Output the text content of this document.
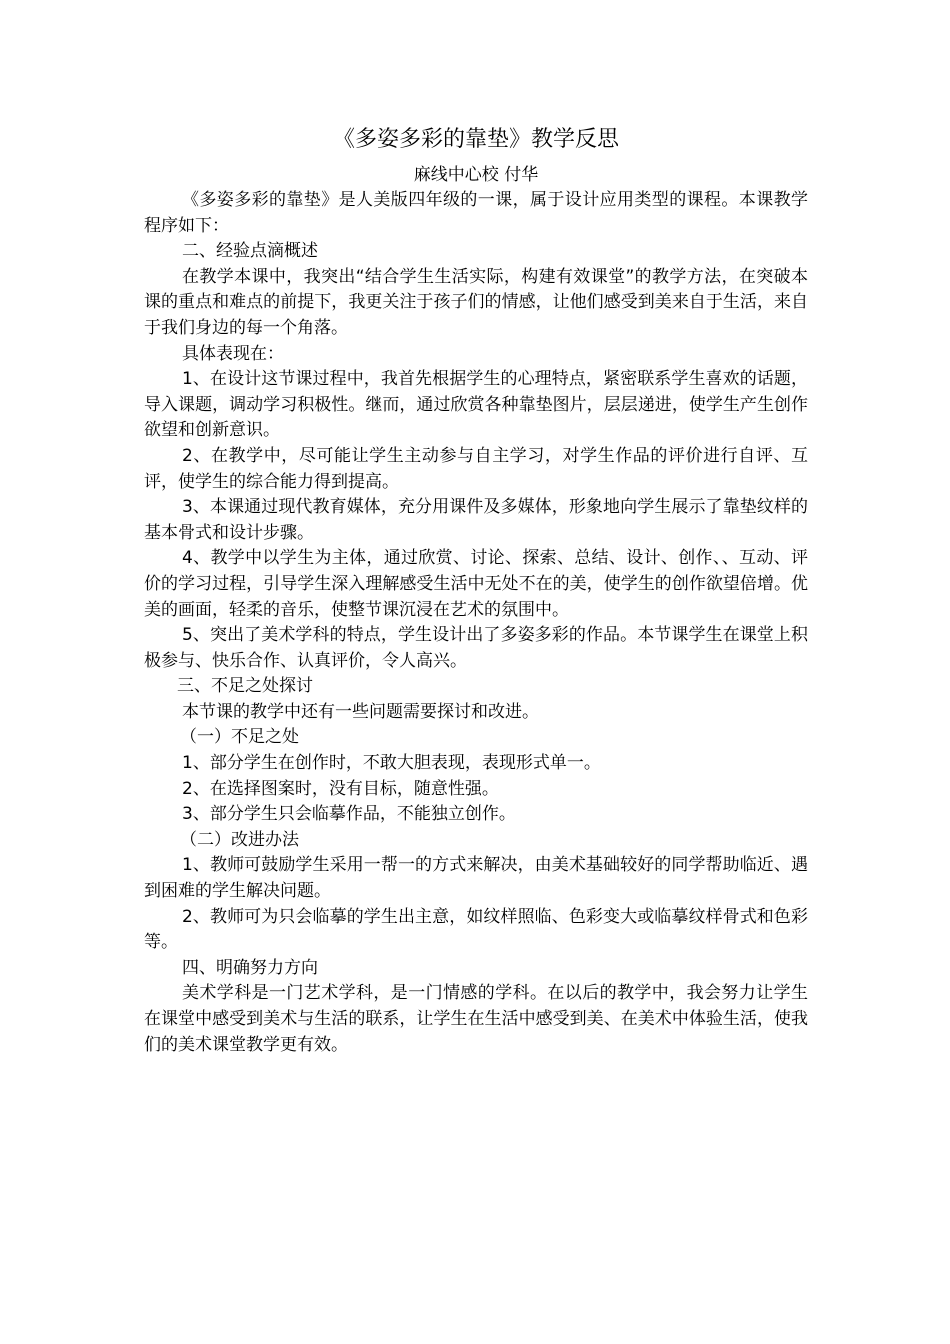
《多姿多彩的靠垫》教学反思
麻线中心校 付华

《多姿多彩的靠垫》是人美版四年级的一课，属于设计应用类型的课程。本课教学程序如下：

二、经验点滴概述

在教学本课中，我突出“结合学生生活实际，构建有效课堂”的教学方法，在突破本课的重点和难点的前提下，我更关注于孩子们的情感，让他们感受到美来自于生活，来自于我们身边的每一个角落。

具体表现在：

1、在设计这节课过程中，我首先根据学生的心理特点，紧密联系学生喜欢的话题，导入课题，调动学习积极性。继而，通过欣赏各种靠垫图片，层层递进，使学生产生创作欲望和创新意识。

2、在教学中，尽可能让学生主动参与自主学习，对学生作品的评价进行自评、互评，使学生的综合能力得到提高。

3、本课通过现代教育媒体，充分用课件及多媒体，形象地向学生展示了靠垫纹样的基本骨式和设计步骤。

4、教学中以学生为主体，通过欣赏、讨论、探索、总结、设计、创作、、互动、评价的学习过程，引导学生深入理解感受生活中无处不在的美，使学生的创作欲望倍增。优美的画面，轻柔的音乐，使整节课沉浸在艺术的氛围中。

5、突出了美术学科的特点，学生设计出了多姿多彩的作品。本节课学生在课堂上积极参与、快乐合作、认真评价，令人高兴。

三、不足之处探讨

本节课的教学中还有一些问题需要探讨和改进。

（一）不足之处

1、部分学生在创作时，不敢大胆表现，表现形式单一。

2、在选择图案时，没有目标，随意性强。

3、部分学生只会临摹作品，不能独立创作。

（二）改进办法

1、教师可鼓励学生采用一帮一的方式来解决，由美术基础较好的同学帮助临近、遇到困难的学生解决问题。

2、教师可为只会临摹的学生出主意，如纹样照临、色彩变大或临摹纹样骨式和色彩等。

四、明确努力方向

美术学科是一门艺术学科，是一门情感的学科。在以后的教学中，我会努力让学生在课堂中感受到美术与生活的联系，让学生在生活中感受到美、在美术中体验生活，使我们的美术课堂教学更有效。
